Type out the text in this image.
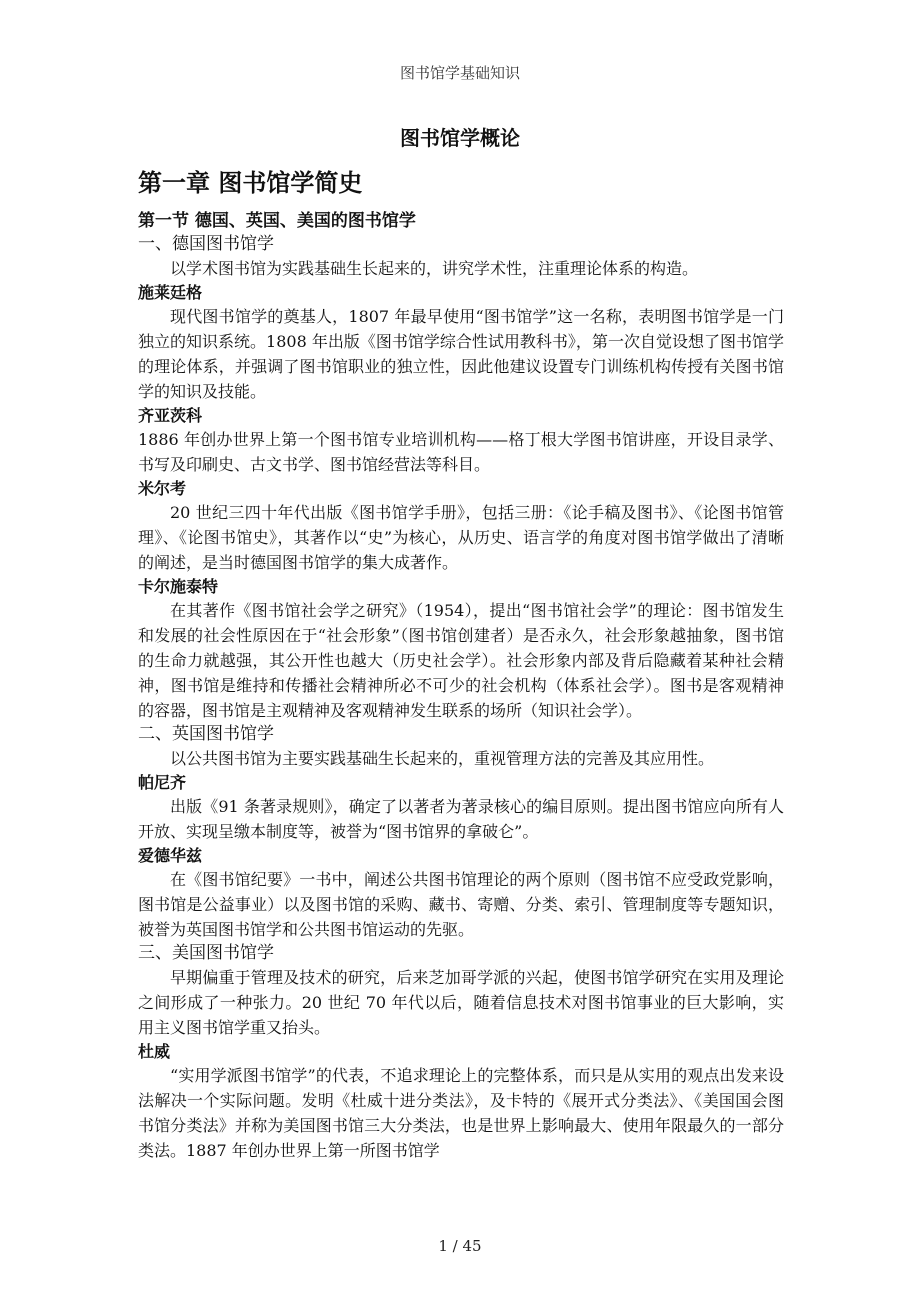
图书馆学基础知识
图书馆学概论
第一章 图书馆学简史
第一节 德国、英国、美国的图书馆学
一、德国图书馆学
以学术图书馆为实践基础生长起来的，讲究学术性，注重理论体系的构造。
施莱廷格
现代图书馆学的奠基人，1807 年最早使用“图书馆学”这一名称，表明图书馆学是一门独立的知识系统。1808 年出版《图书馆学综合性试用教科书》，第一次自觉设想了图书馆学的理论体系，并强调了图书馆职业的独立性，因此他建议设置专门训练机构传授有关图书馆学的知识及技能。
齐亚茨科
1886 年创办世界上第一个图书馆专业培训机构——格丁根大学图书馆讲座，开设目录学、书写及印刷史、古文书学、图书馆经营法等科目。
米尔考
20 世纪三四十年代出版《图书馆学手册》，包括三册：《论手稿及图书》、《论图书馆管理》、《论图书馆史》，其著作以“史”为核心，从历史、语言学的角度对图书馆学做出了清晰的阐述，是当时德国图书馆学的集大成著作。
卡尔施泰特
在其著作《图书馆社会学之研究》（1954），提出“图书馆社会学”的理论：图书馆发生和发展的社会性原因在于“社会形象”（图书馆创建者）是否永久，社会形象越抽象，图书馆的生命力就越强，其公开性也越大（历史社会学）。社会形象内部及背后隐藏着某种社会精神，图书馆是维持和传播社会精神所必不可少的社会机构（体系社会学）。图书是客观精神的容器，图书馆是主观精神及客观精神发生联系的场所（知识社会学）。
二、英国图书馆学
以公共图书馆为主要实践基础生长起来的，重视管理方法的完善及其应用性。
帕尼齐
出版《91 条著录规则》，确定了以著者为著录核心的编目原则。提出图书馆应向所有人开放、实现呈缴本制度等，被誉为“图书馆界的拿破仑”。
爱德华兹
在《图书馆纪要》一书中，阐述公共图书馆理论的两个原则（图书馆不应受政党影响，图书馆是公益事业）以及图书馆的采购、藏书、寄赠、分类、索引、管理制度等专题知识，被誉为英国图书馆学和公共图书馆运动的先驱。
三、美国图书馆学
早期偏重于管理及技术的研究，后来芝加哥学派的兴起，使图书馆学研究在实用及理论之间形成了一种张力。20 世纪 70 年代以后，随着信息技术对图书馆事业的巨大影响，实用主义图书馆学重又抬头。
杜威
“实用学派图书馆学”的代表，不追求理论上的完整体系，而只是从实用的观点出发来设法解决一个实际问题。发明《杜威十进分类法》，及卡特的《展开式分类法》、《美国国会图书馆分类法》并称为美国图书馆三大分类法，也是世界上影响最大、使用年限最久的一部分类法。1887 年创办世界上第一所图书馆学
1 / 45
